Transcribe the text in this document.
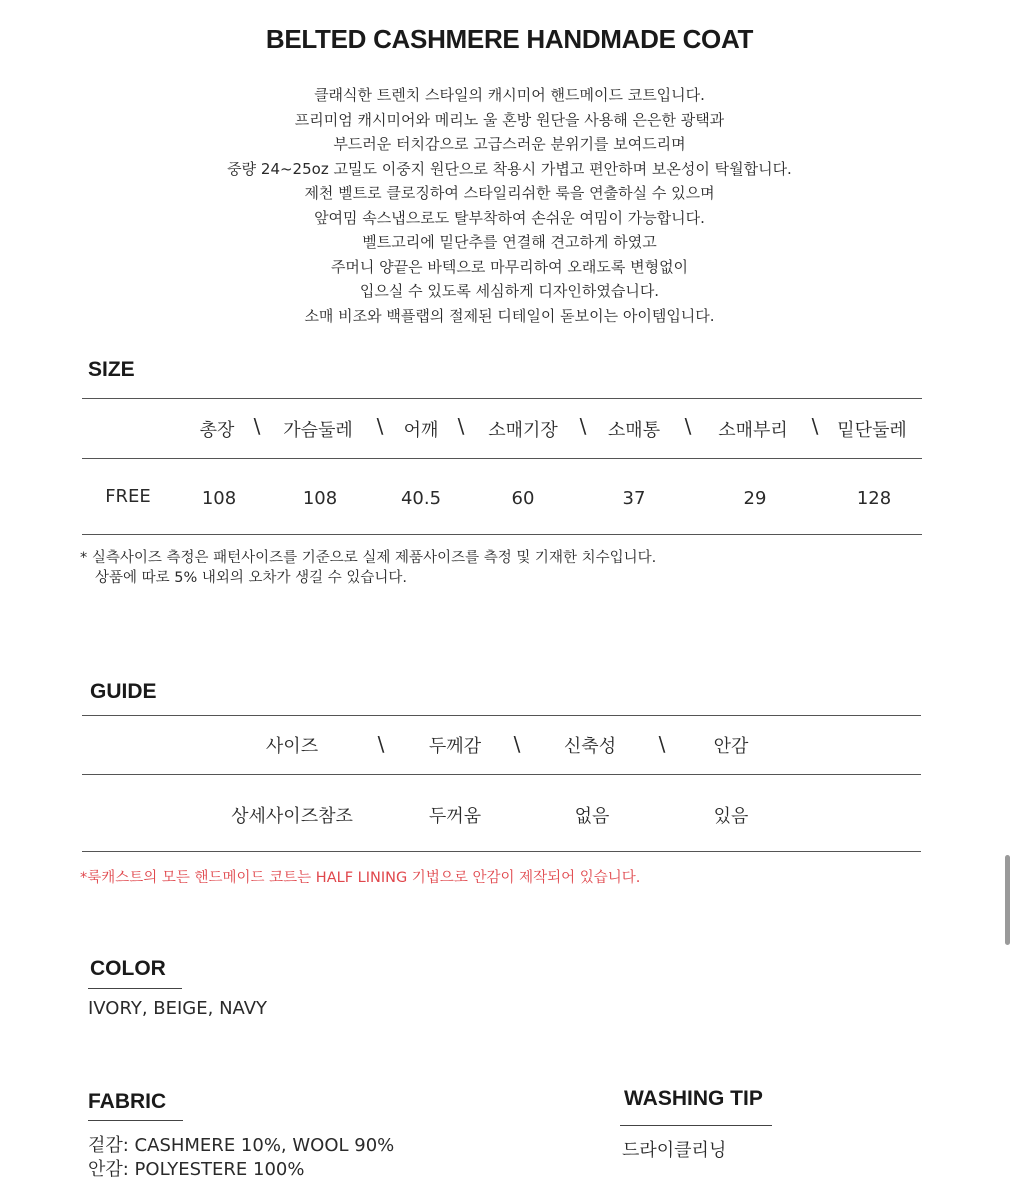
BELTED CASHMERE HANDMADE COAT
클래식한 트렌치 스타일의 캐시미어 핸드메이드 코트입니다.
프리미엄 캐시미어와 메리노 울 혼방 원단을 사용해 은은한 광택과
부드러운 터치감으로 고급스러운 분위기를 보여드리며
중량 24~25oz 고밀도 이중지 원단으로 착용시 가볍고 편안하며 보온성이 탁월합니다.
제천 벨트로 클로징하여 스타일리쉬한 룩을 연출하실 수 있으며
앞여밈 속스냅으로도 탈부착하여 손쉬운 여밈이 가능합니다.
벨트고리에 밑단추를 연결해 견고하게 하였고
주머니 양끝은 바텍으로 마무리하여 오래도록 변형없이
입으실 수 있도록 세심하게 디자인하였습니다.
소매 비조와 백플랩의 절제된 디테일이 돋보이는 아이템입니다.
SIZE
총장 \ 가슴둘레 \ 어깨 \ 소매기장 \ 소매통 \ 소매부리 \ 밑단둘레
FREE	108	108	40.5	60	37	29	128
* 실측사이즈 측정은 패턴사이즈를 기준으로 실제 제품사이즈를 측정 및 기재한 치수입니다.
상품에 따로 5% 내외의 오차가 생길 수 있습니다.
GUIDE
사이즈	\ 두께감 \ 신축성 \	안감
상세사이즈참조	두꺼움	없음	있음
*룩캐스트의 모든 핸드메이드 코트는 HALF LINING 기법으로 안감이 제작되어 있습니다.
COLOR
IVORY, BEIGE, NAVY
FABRIC
겉감: CASHMERE 10%, WOOL 90%
안감: POLYESTERE 100%
WASHING TIP
드라이클리닝
